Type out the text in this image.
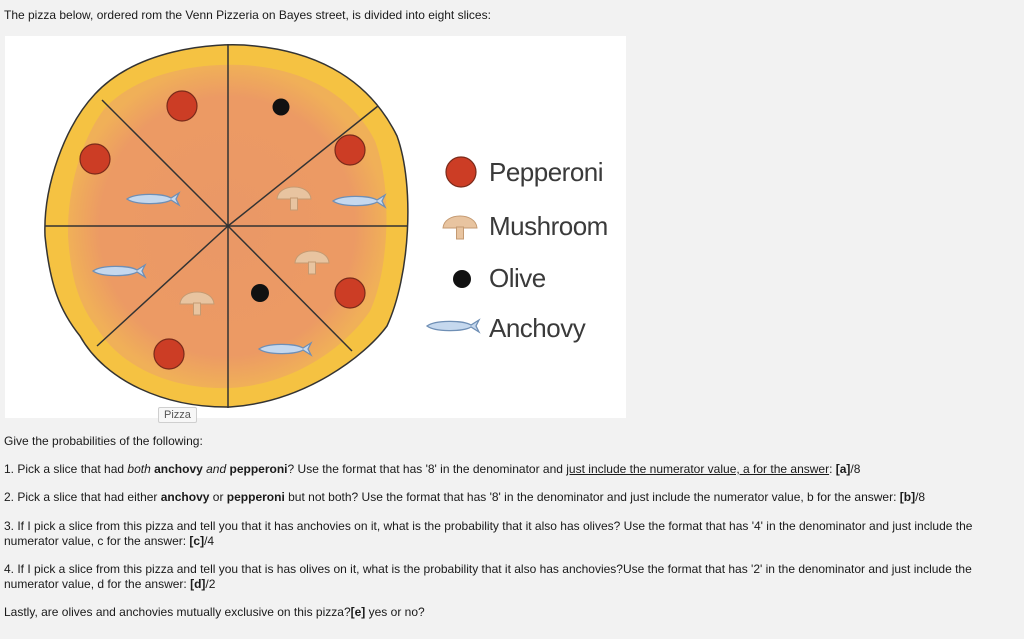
The pizza below, ordered rom the Venn Pizzeria on Bayes street, is divided into eight slices:
Pepperoni
Mushroom
Olive
Anchovy
Pizza
Give the probabilities of the following:
1. Pick a slice that had both anchovy and pepperoni? Use the format that has '8' in the denominator and just include the numerator value, a for the answer: [a]/8
2. Pick a slice that had either anchovy or pepperoni but not both? Use the format that has '8' in the denominator and just include the numerator value, b for the answer: [b]/8
3. If I pick a slice from this pizza and tell you that it has anchovies on it, what is the probability that it also has olives? Use the format that has '4' in the denominator and just include the numerator value, c for the answer: [c]/4
4. If I pick a slice from this pizza and tell you that is has olives on it, what is the probability that it also has anchovies?Use the format that has '2' in the denominator and just include the numerator value, d for the answer: [d]/2
Lastly, are olives and anchovies mutually exclusive on this pizza?[e] yes or no?
